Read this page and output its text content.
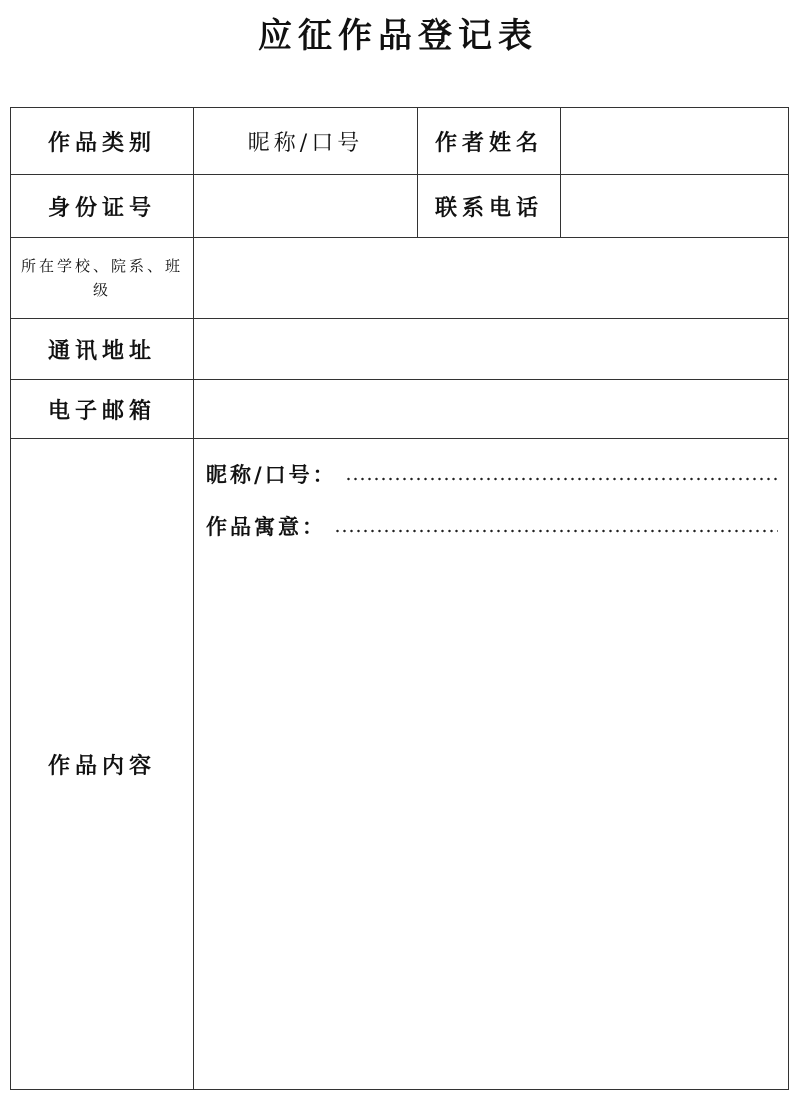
应征作品登记表
作品类别	昵称/口号	作者姓名	
身份证号		联系电话	
所在学校、院系、班级			
通讯地址			
电子邮箱			
作品内容	昵称/口号：
作品寓意：		
